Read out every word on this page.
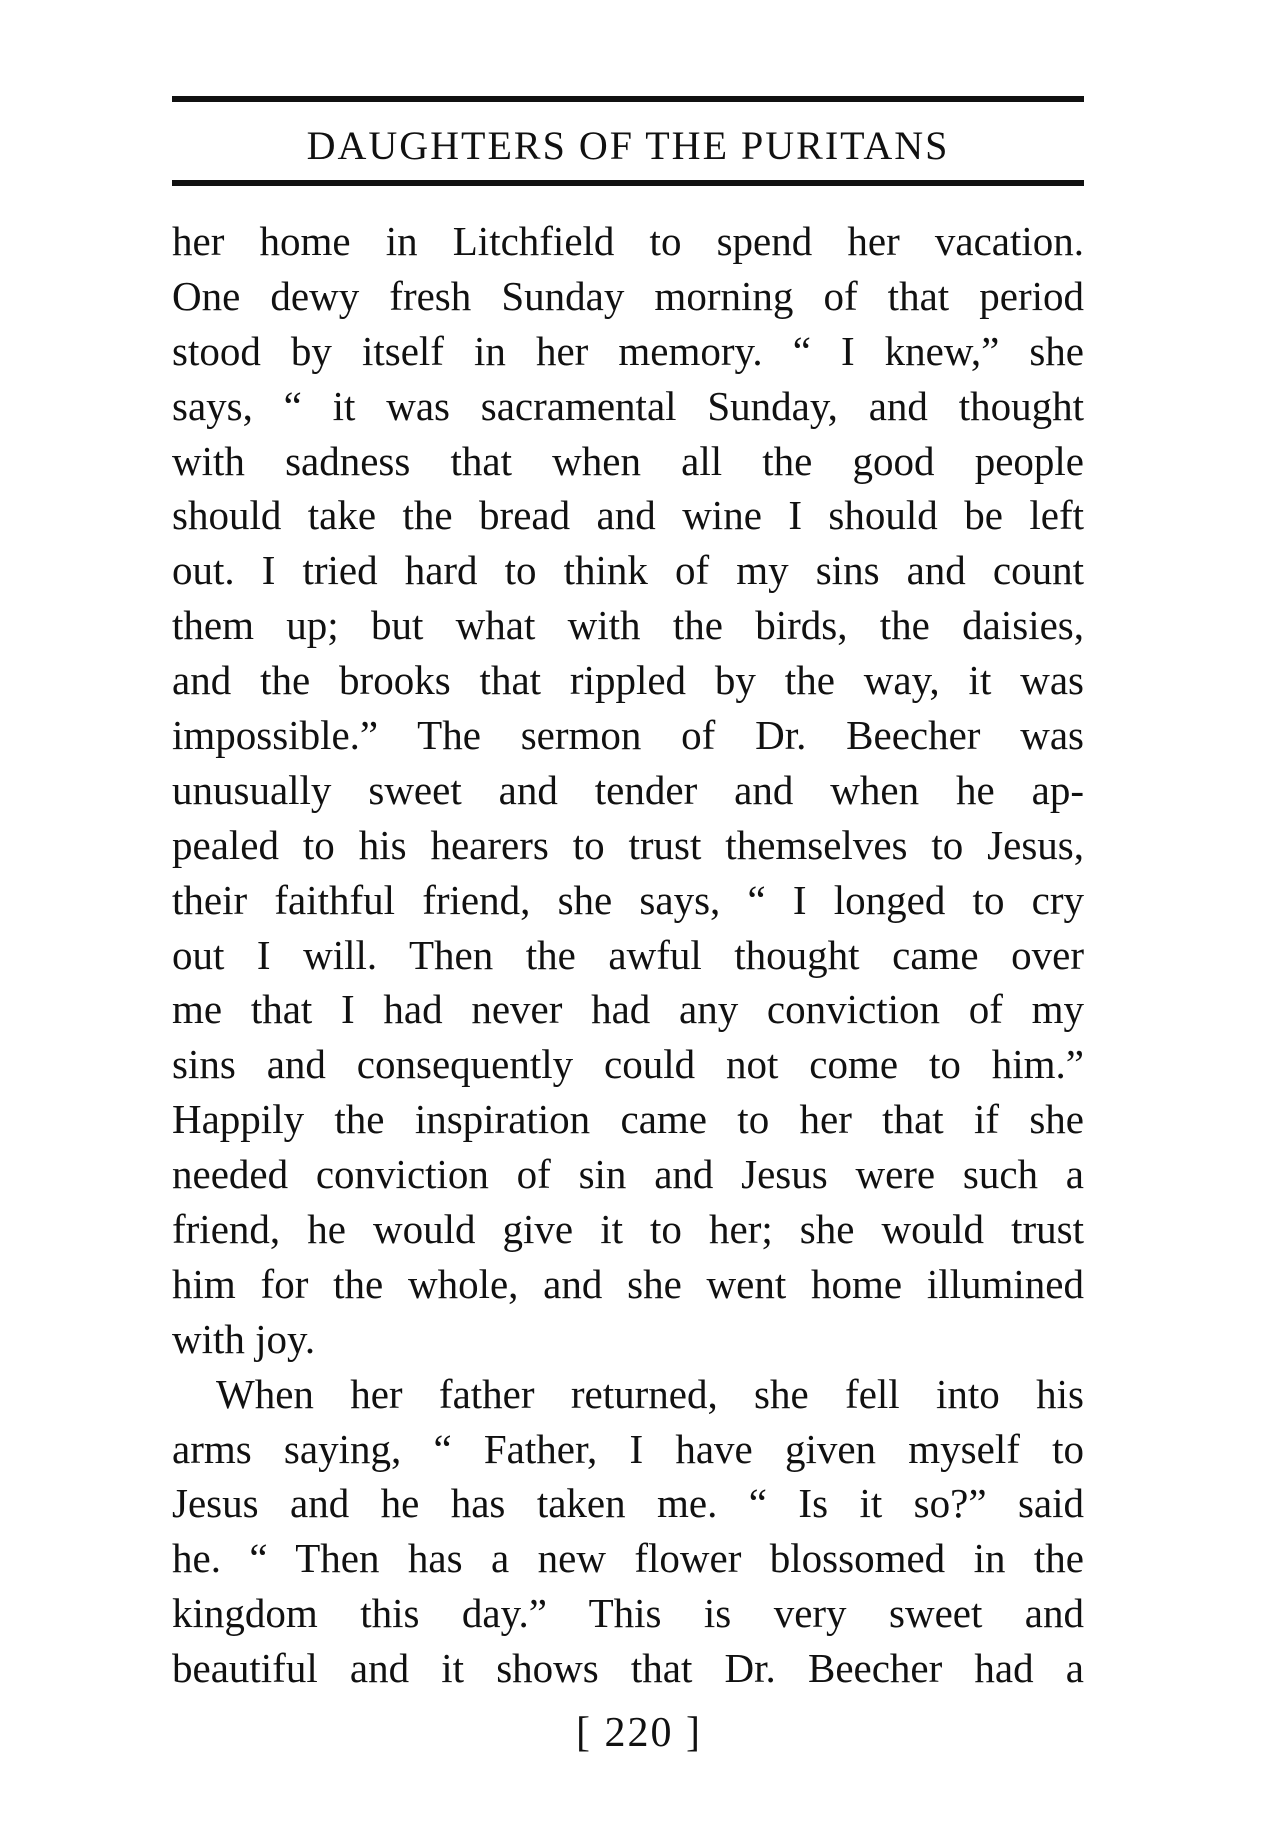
DAUGHTERS OF THE PURITANS
her home in Litchfield to spend her vacation.
One dewy fresh Sunday morning of that period
stood by itself in her memory. “ I knew,” she
says, “ it was sacramental Sunday, and thought
with sadness that when all the good people
should take the bread and wine I should be left
out. I tried hard to think of my sins and count
them up; but what with the birds, the daisies,
and the brooks that rippled by the way, it was
impossible.” The sermon of Dr. Beecher was
unusually sweet and tender and when he ap-
pealed to his hearers to trust themselves to Jesus,
their faithful friend, she says, “ I longed to cry
out I will. Then the awful thought came over
me that I had never had any conviction of my
sins and consequently could not come to him.”
Happily the inspiration came to her that if she
needed conviction of sin and Jesus were such a
friend, he would give it to her; she would trust
him for the whole, and she went home illumined
with joy.
When her father returned, she fell into his
arms saying, “ Father, I have given myself to
Jesus and he has taken me. “ Is it so?” said
he. “ Then has a new flower blossomed in the
kingdom this day.” This is very sweet and
beautiful and it shows that Dr. Beecher had a
[ 220 ]
